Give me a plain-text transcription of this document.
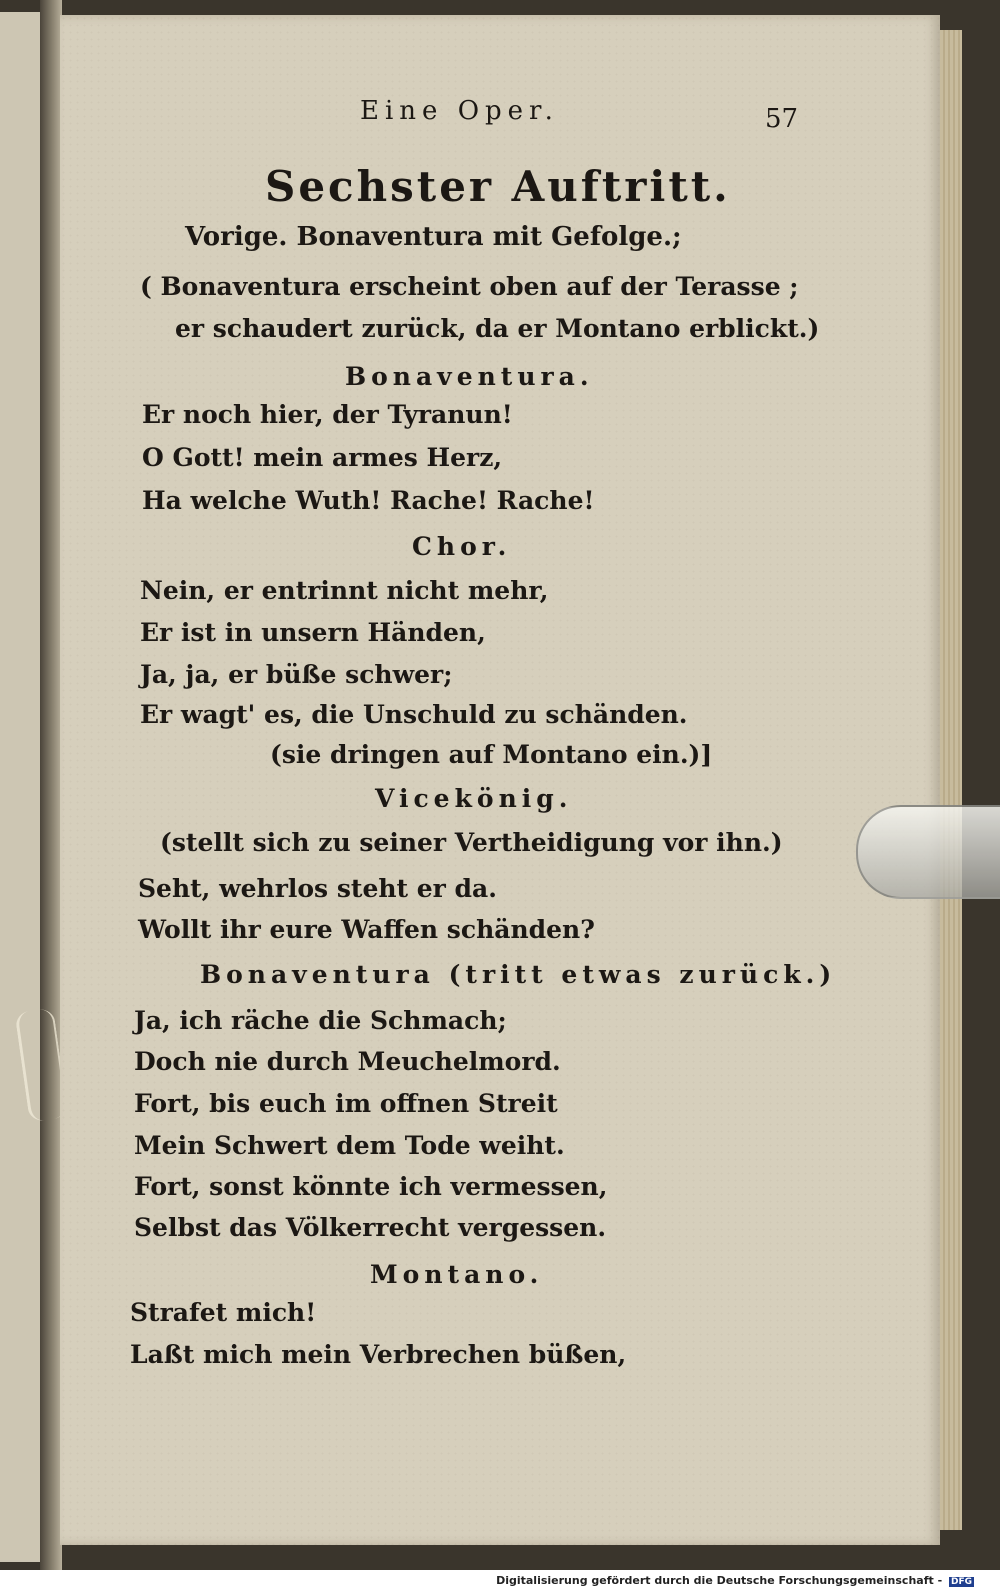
Eine Oper.	57
Sechster Auftritt.
Vorige. Bonaventura mit Gefolge.;
( Bonaventura erscheint oben auf der Terasse ;
er schaudert zurück, da er Montano erblickt.)
Bonaventura.
Er noch hier, der Tyranun!
O Gott! mein armes Herz,
Ha welche Wuth! Rache! Rache!
Chor.
Nein, er entrinnt nicht mehr,
Er ist in unsern Händen,
Ja, ja, er büße schwer;
Er wagt' es, die Unschuld zu schänden.
(sie dringen auf Montano ein.)]
Vicekönig.
(stellt sich zu seiner Vertheidigung vor ihn.)
Seht, wehrlos steht er da.
Wollt ihr eure Waffen schänden?
Bonaventura (tritt etwas zurück.)
Ja, ich räche die Schmach;
Doch nie durch Meuchelmord.
Fort, bis euch im offnen Streit
Mein Schwert dem Tode weiht.
Fort, sonst könnte ich vermessen,
Selbst das Völkerrecht vergessen.
Montano.
Strafet mich!
Laßt mich mein Verbrechen büßen,
Digitalisierung gefördert durch die Deutsche Forschungsgemeinschaft - DFG
